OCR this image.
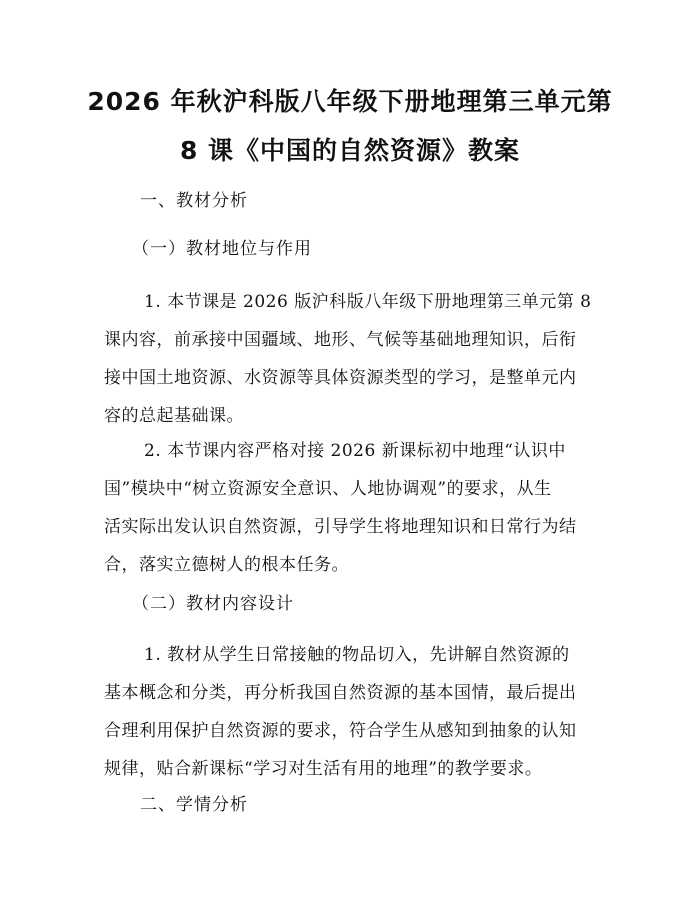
2026 年秋沪科版八年级下册地理第三单元第
8 课《中国的自然资源》教案
一、教材分析
（一）教材地位与作用
1. 本节课是 2026 版沪科版八年级下册地理第三单元第 8
课内容，前承接中国疆域、地形、气候等基础地理知识，后衔
接中国土地资源、水资源等具体资源类型的学习，是整单元内
容的总起基础课。
2. 本节课内容严格对接 2026 新课标初中地理“认识中
国”模块中“树立资源安全意识、人地协调观”的要求，从生
活实际出发认识自然资源，引导学生将地理知识和日常行为结
合，落实立德树人的根本任务。
（二）教材内容设计
1. 教材从学生日常接触的物品切入，先讲解自然资源的
基本概念和分类，再分析我国自然资源的基本国情，最后提出
合理利用保护自然资源的要求，符合学生从感知到抽象的认知
规律，贴合新课标“学习对生活有用的地理”的教学要求。
二、学情分析
